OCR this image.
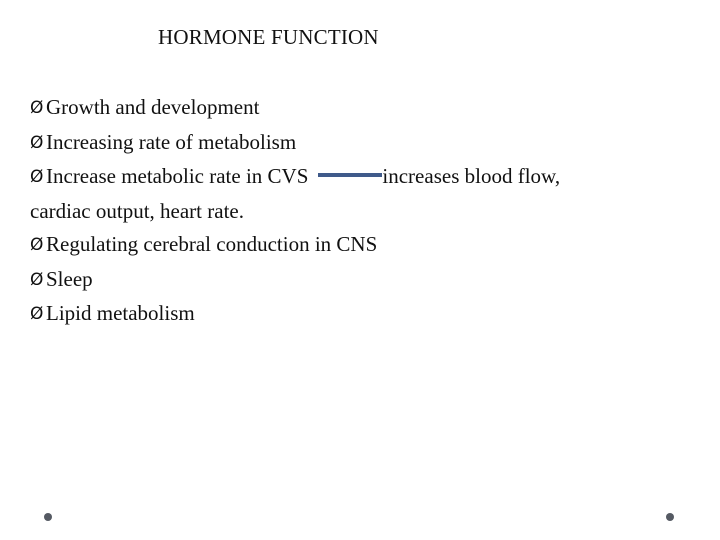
HORMONE FUNCTION
Ø Growth and development
Ø Increasing rate of metabolism
Ø Increase metabolic rate in CVS	increases blood flow,
cardiac output, heart rate.
Ø Regulating cerebral conduction in CNS
Ø Sleep
Ø Lipid metabolism
